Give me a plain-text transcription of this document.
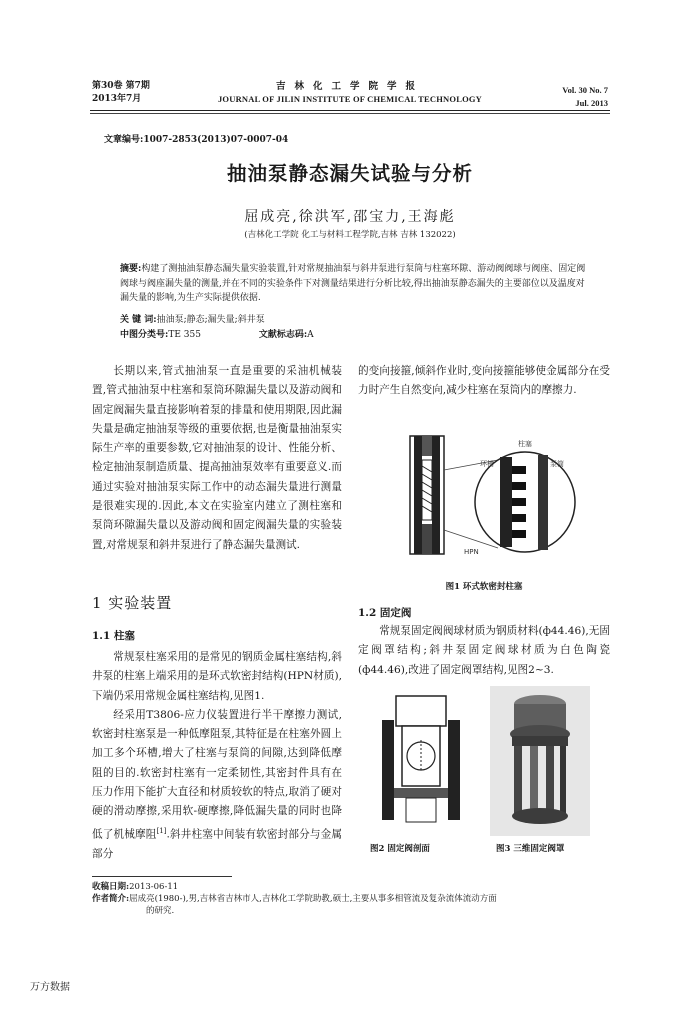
第30卷 第7期
2013年7月
吉林化工学院学报
JOURNAL OF JILIN INSTITUTE OF CHEMICAL TECHNOLOGY
Vol. 30 No. 7
Jul. 2013
文章编号:1007-2853(2013)07-0007-04
抽油泵静态漏失试验与分析
屈成亮,徐洪军,邵宝力,王海彪
(吉林化工学院 化工与材料工程学院,吉林 吉林 132022)
摘要:构建了测抽油泵静态漏失量实验装置,针对常规抽油泵与斜井泵进行泵筒与柱塞环隙、游动阀阀球与阀座、固定阀阀球与阀座漏失量的测量,并在不同的实验条件下对测量结果进行分析比较,得出抽油泵静态漏失的主要部位以及温度对漏失量的影响,为生产实际提供依据.
关 键 词:抽油泵;静态;漏失量;斜井泵
中图分类号:TE 355	文献标志码:A

长期以来,管式抽油泵一直是重要的采油机械装置,管式抽油泵中柱塞和泵筒环隙漏失量以及游动阀和固定阀漏失量直接影响着泵的排量和使用期限,因此漏失量是确定抽油泵等级的重要依据,也是衡量抽油泵实际生产率的重要参数,它对抽油泵的设计、性能分析、检定抽油泵制造质量、提高抽油泵效率有重要意义.而通过实验对抽油泵实际工作中的动态漏失量进行测量是很难实现的.因此,本文在实验室内建立了测柱塞和泵筒环隙漏失量以及游动阀和固定阀漏失量的实验装置,对常规泵和斜井泵进行了静态漏失量测试.

1 实验装置
1.1 柱塞

常规泵柱塞采用的是常见的钢质金属柱塞结构,斜井泵的柱塞上端采用的是环式软密封结构(HPN材质),下端仍采用常规金属柱塞结构,见图1.

经采用T3806-应力仪装置进行半干摩擦力测试,软密封柱塞泵是一种低摩阻泵,其特征是在柱塞外圆上加工多个环槽,增大了柱塞与泵筒的间隙,达到降低摩阻的目的.软密封柱塞有一定柔韧性,其密封件具有在压力作用下能扩大直径和材质较软的特点,取消了硬对硬的滑动摩擦,采用软-硬摩擦,降低漏失量的同时也降低了机械摩阻[1].斜井柱塞中间装有软密封部分与金属部分

的变向接箍,倾斜作业时,变向接箍能够使金属部分在受力时产生自然变向,减少柱塞在泵筒内的摩擦力.
柱塞
环槽	泵筒
HPN
图1 环式软密封柱塞
1.2 固定阀

常规泵固定阀阀球材质为钢质材料(ф44.46),无固定阀罩结构;斜井泵固定阀球材质为白色陶瓷(ф44.46),改进了固定阀罩结构,见图2~3.

图2 固定阀剖面	图3 三维固定阀罩
收稿日期:2013-06-11
作者简介:屈成亮(1980-),男,吉林省吉林市人,吉林化工学院助教,硕士,主要从事多相管流及复杂流体流动方面
的研究.
万方数据
